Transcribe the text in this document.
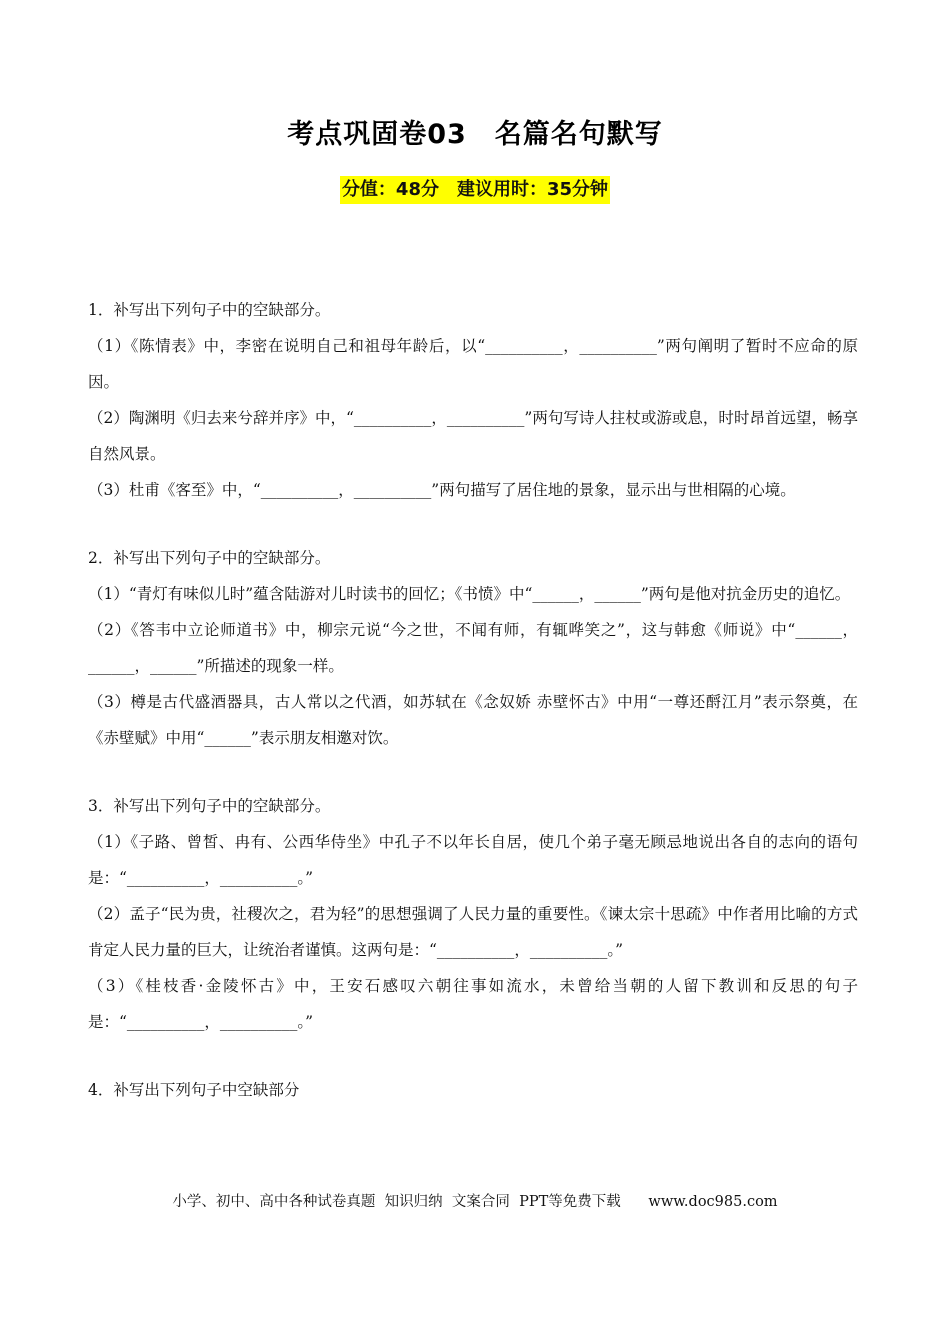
考点巩固卷03　名篇名句默写
分值：48分　建议用时：35分钟

1．补写出下列句子中的空缺部分。

（1）《陈情表》中，李密在说明自己和祖母年龄后，以“__________，__________”两句阐明了暂时不应命的原因。

（2）陶渊明《归去来兮辞并序》中，“__________，__________”两句写诗人拄杖或游或息，时时昂首远望，畅享自然风景。

（3）杜甫《客至》中，“__________，__________”两句描写了居住地的景象，显示出与世相隔的心境。

2．补写出下列句子中的空缺部分。

（1）“青灯有味似儿时”蕴含陆游对儿时读书的回忆；《书愤》中“______，______”两句是他对抗金历史的追忆。

（2）《答韦中立论师道书》中，柳宗元说“今之世，不闻有师，有辄哗笑之”，这与韩愈《师说》中“______，______，______”所描述的现象一样。

（3）樽是古代盛酒器具，古人常以之代酒，如苏轼在《念奴娇 赤壁怀古》中用“一尊还酹江月”表示祭奠，在《赤壁赋》中用“______”表示朋友相邀对饮。

3．补写出下列句子中的空缺部分。

（1）《子路、曾皙、冉有、公西华侍坐》中孔子不以年长自居，使几个弟子毫无顾忌地说出各自的志向的语句是：“__________，__________。”

（2）孟子“民为贵，社稷次之，君为轻”的思想强调了人民力量的重要性。《谏太宗十思疏》中作者用比喻的方式肯定人民力量的巨大，让统治者谨慎。这两句是：“__________，__________。”

（3）《桂枝香·金陵怀古》中，王安石感叹六朝往事如流水，未曾给当朝的人留下教训和反思的句子是：“__________，__________。”

4．补写出下列句子中空缺部分

小学、初中、高中各种试卷真题  知识归纳  文案合同  PPT等免费下载      www.doc985.com
